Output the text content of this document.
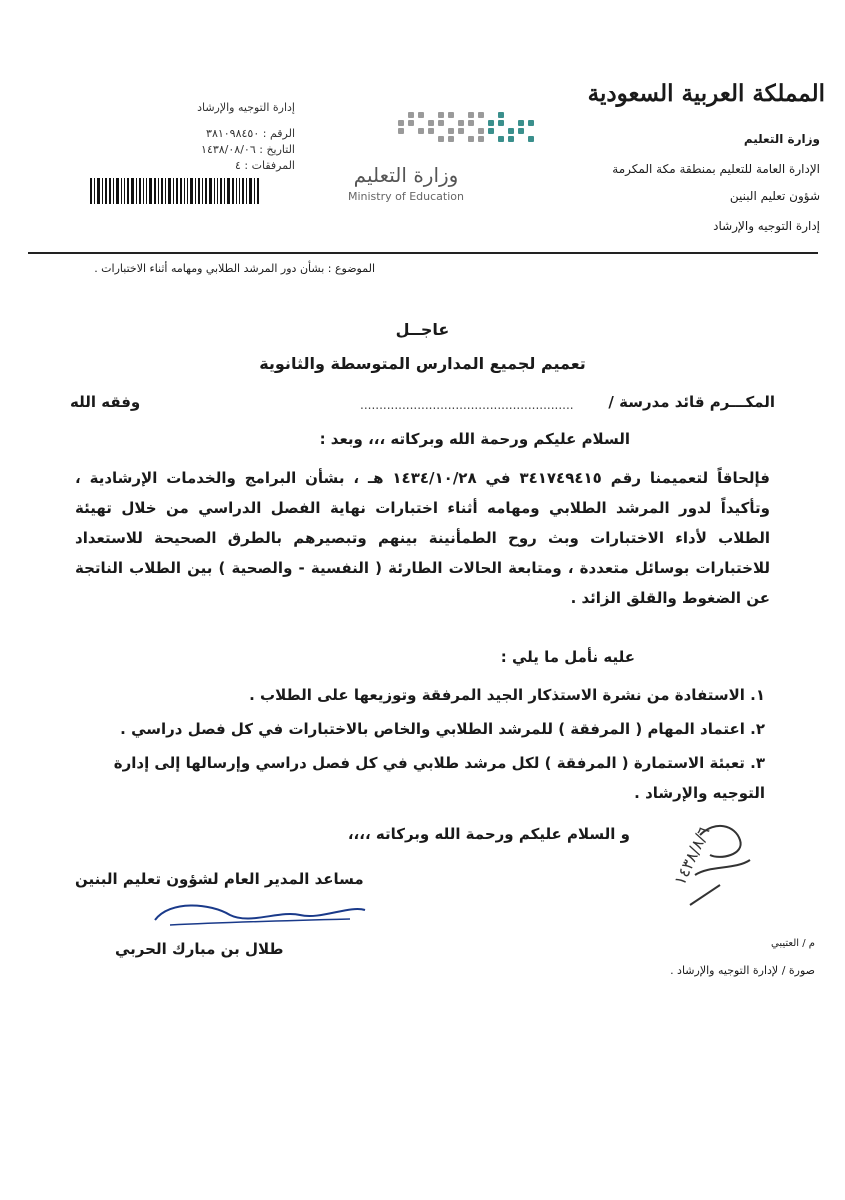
المملكة العربية السعودية
وزارة التعليم
الإدارة العامة للتعليم بمنطقة مكة المكرمة
شؤون تعليم البنين
إدارة التوجيه والإرشاد
وزارة التعليم
Ministry of Education
إدارة التوجيه والإرشاد
الرقم : ٣٨١٠٩٨٤٥٠
التاريخ : ١٤٣٨/٠٨/٠٦
المرفقات : ٤
الموضوع : بشأن دور المرشد الطلابي ومهامه أثناء الاختبارات .
عاجــل
تعميم لجميع المدارس المتوسطة والثانوية
المكـــرم قائد مدرسة /
........................................................
وفقه الله
السلام عليكم ورحمة الله وبركاته ،،، وبعد :
فإلحاقاً لتعميمنا رقم ٣٤١٧٤٩٤١٥ في ١٤٣٤/١٠/٢٨ هـ ، بشأن البرامج والخدمات الإرشادية ، وتأكيداً لدور المرشد الطلابي ومهامه أثناء اختبارات نهاية الفصل الدراسي من خلال تهيئة الطلاب لأداء الاختبارات وبث روح الطمأنينة بينهم وتبصيرهم بالطرق الصحيحة للاستعداد للاختبارات بوسائل متعددة ، ومتابعة الحالات الطارئة ( النفسية - والصحية ) بين الطلاب الناتجة عن الضغوط والقلق الزائد .
عليه نأمل ما يلي :
١. الاستفادة من نشرة الاستذكار الجيد المرفقة وتوزيعها على الطلاب .
٢. اعتماد المهام ( المرفقة ) للمرشد الطلابي والخاص بالاختبارات في كل فصل دراسي .
٣. تعبئة الاستمارة ( المرفقة ) لكل مرشد طلابي في كل فصل دراسي وإرسالها إلى إدارة التوجيه والإرشاد .
و السلام عليكم ورحمة الله وبركاته ،،،،	١٤٣٨/٨/٦
مساعد المدير العام لشؤون تعليم البنين
طلال بن مبارك الحربي	م / العتيبي
صورة / لإدارة التوجيه والإرشاد .
